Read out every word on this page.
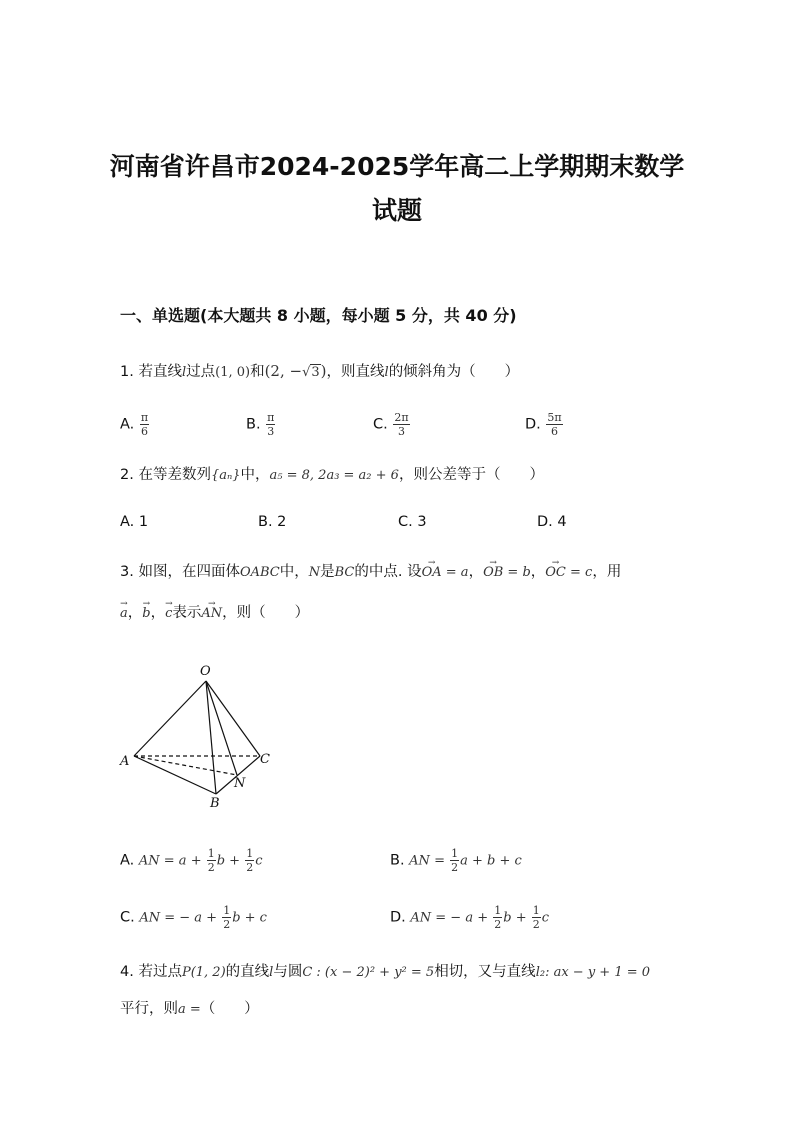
河南省许昌市2024-2025学年高二上学期期末数学
试题
一、单选题(本大题共 8 小题，每小题 5 分，共 40 分)
1. 若直线l过点(1, 0)和(2, −√3)，则直线l的倾斜角为（　　）
A. $\frac{\pi}{6}$	B. $\frac{\pi}{3}$	C. $\frac{2\pi}{3}$	D. $\frac{5\pi}{6}$
2. 在等差数列{aₙ}中，a₅ = 8, 2a₃ = a₂ + 6，则公差等于（　　）
A. 1	B. 2	C. 3	D. 4
3. 如图，在四面体OABC中，N是BC的中点. 设→ OA = a，→ OB = b，→ OC = c，用
→ a，→ b，→ c表示→ AN，则（　　）
O
A
B
C
N
A. AN = $a + \frac{1}{2}$ $b + \frac{1}{2}$ c	B. AN = $\frac{1}{2}$ a + b + c
C. AN = − $a + \frac{1}{2}$ b + c	D. AN = − $a + \frac{1}{2}$ $b + \frac{1}{2}$ c
4. 若过点P(1, 2)的直线l与圆C : (x − 2)² + y² = 5相切，又与直线l₂: ax − y + 1 = 0
平行，则a =（　　）
